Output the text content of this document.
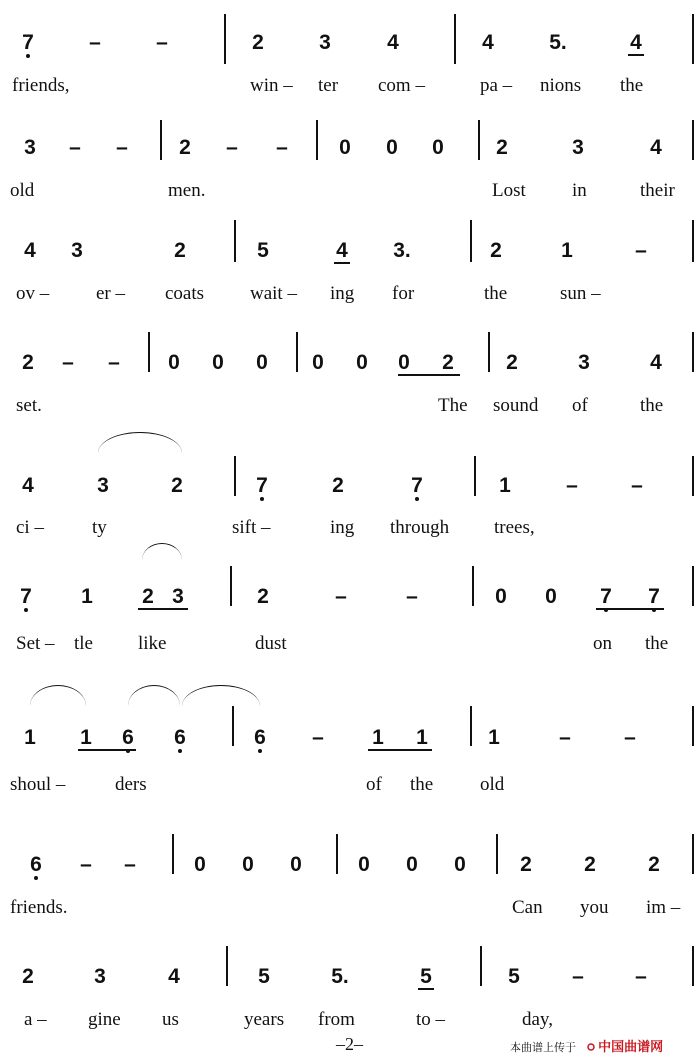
7	–	–	2	3	4	4	5.	4
friends,	win – ter com –	pa – nions the
3 – – 2 – – 0 0 0 2	3	4
old	men.	Lost in	their
4 3	2	5	4 3.	2	1	–
ov – er – coats wait – ing for	the	sun –
2 – – 0 0 0 0 0 0 2 2	3	4
set.	The sound of	the
4	3	2	7	2	7	1	–	–
ci –	ty	sift –	ing through trees,
7 1 2 3	2	–	–	0 0 7 7
Set – tle like	dust	on the
1 1 6 6	6 – 1 1	1	–	–
shoul –	ders	of the old
6 – –	0 0 0	0 0 0	2 2 2
friends.	Can you im –
2	3	4	5	5.	5	5 – –
a – gine us	years from	to –	day,
–2–	本曲谱上传于 中国曲谱网
